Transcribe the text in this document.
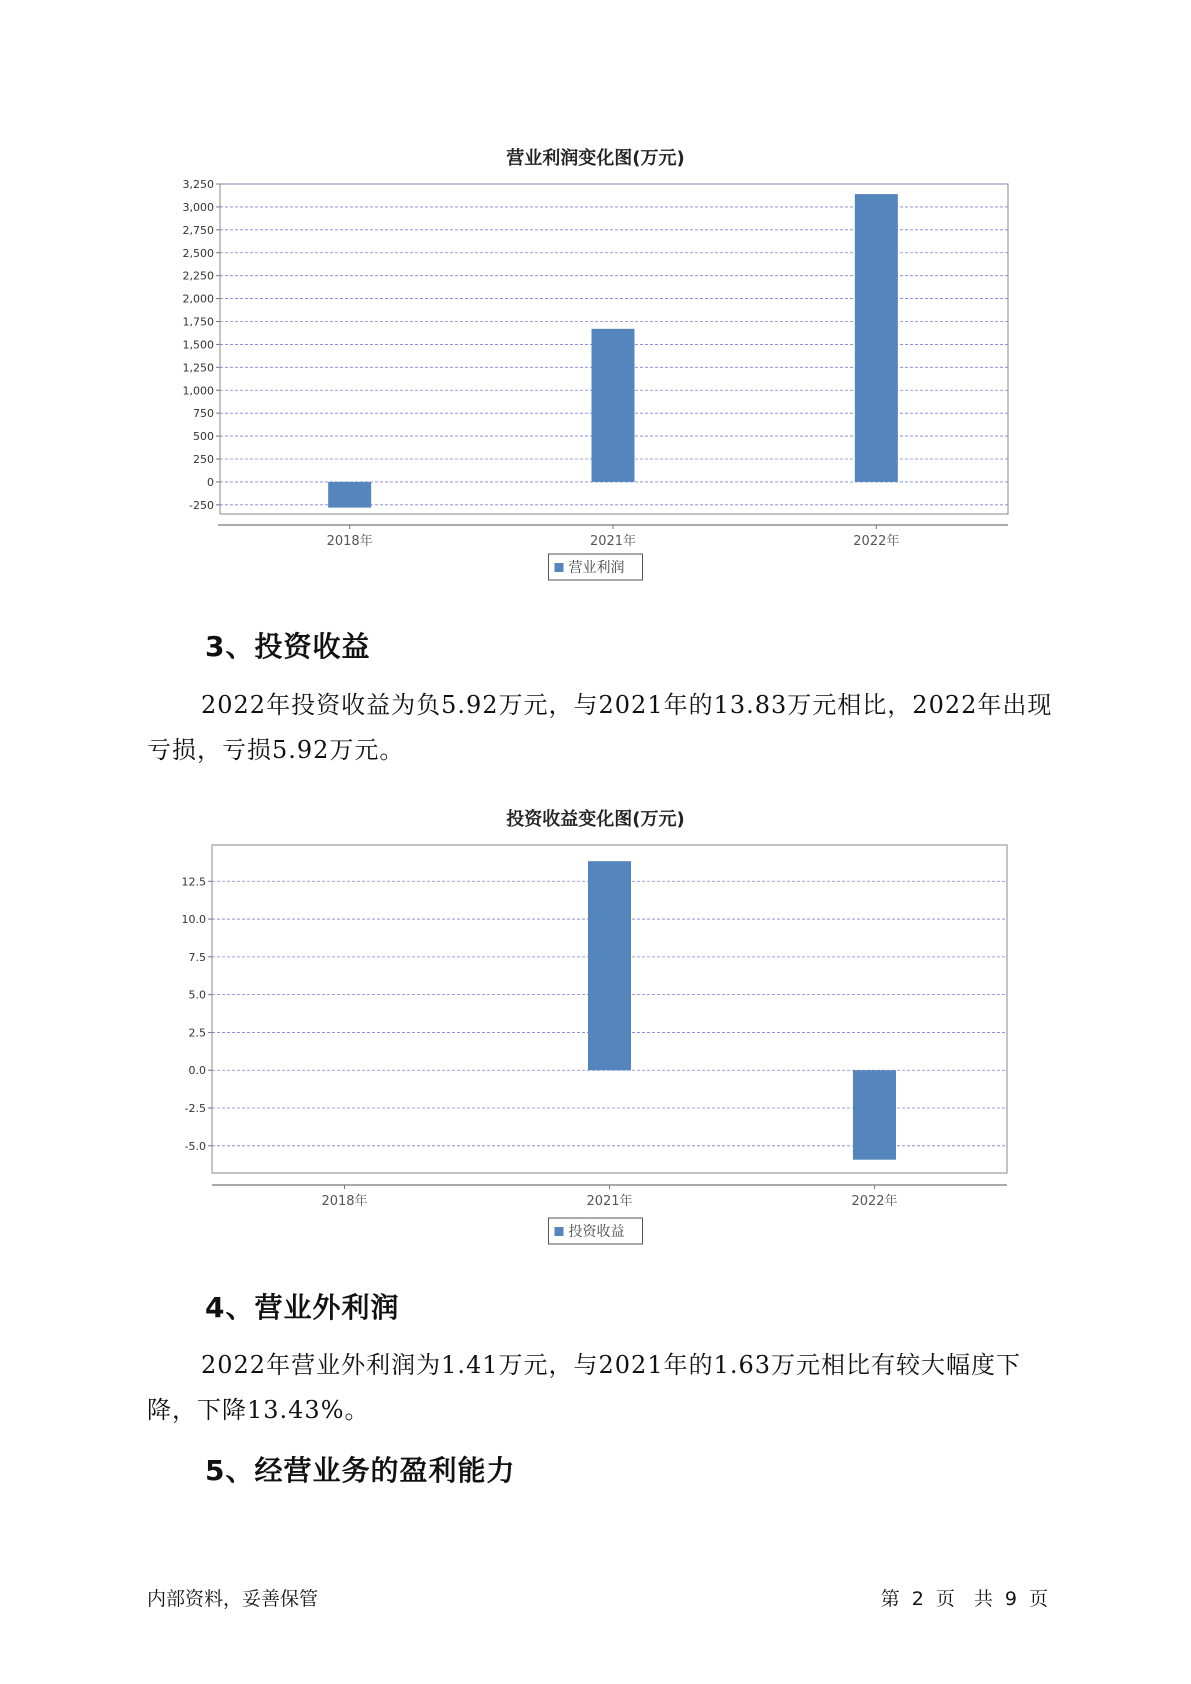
营业利润变化图(万元)
-250
0
250
500
750
1,000
1,250
1,500
1,750
2,000
2,250
2,500
2,750
3,000
3,250
2018年	2021年	2022年
营业利润
3、投资收益

2022年投资收益为负5.92万元，与2021年的13.83万元相比，2022年出现亏损，亏损5.92万元。

投资收益变化图(万元)
-5.0
-2.5
0.0
2.5
5.0
7.5
10.0
12.5
2018年	2021年	2022年
投资收益
4、营业外利润

2022年营业外利润为1.41万元，与2021年的1.63万元相比有较大幅度下降，下降13.43%。

5、经营业务的盈利能力
内部资料，妥善保管	第 2 页　共 9 页
